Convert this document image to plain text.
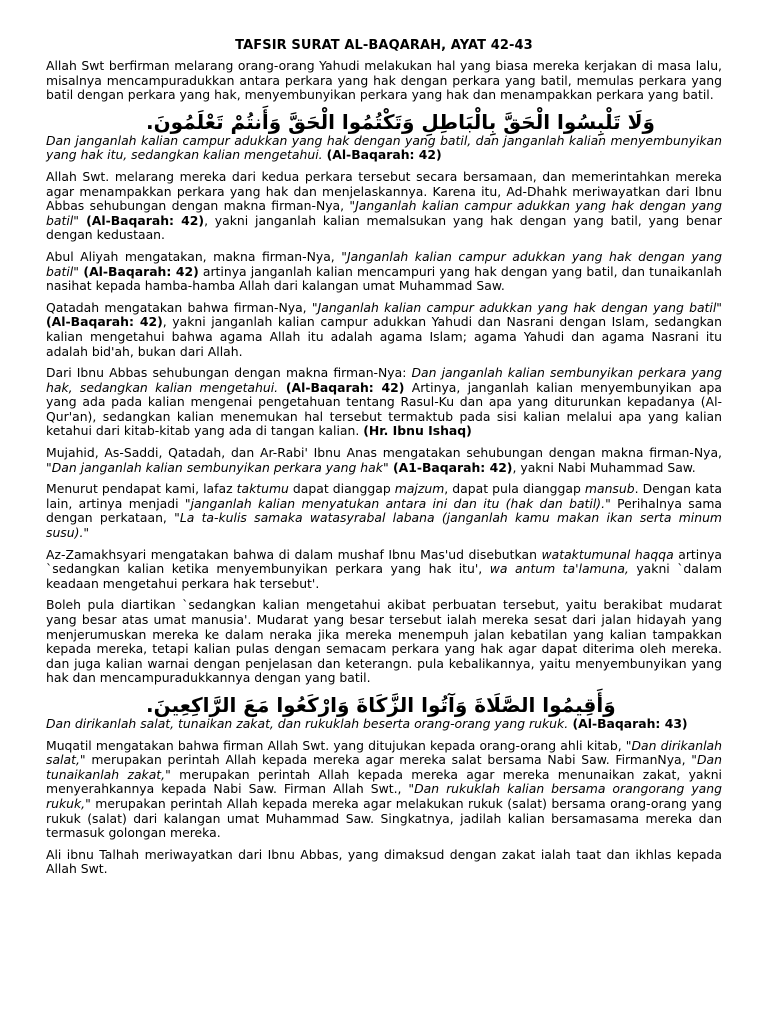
TAFSIR SURAT AL-BAQARAH, AYAT 42-43

Allah Swt berfirman melarang orang-orang Yahudi melakukan hal yang biasa mereka kerjakan di masa lalu, misalnya mencampuradukkan antara perkara yang hak dengan perkara yang batil, memulas perkara yang batil dengan perkara yang hak, menyembunyikan perkara yang hak dan menampakkan perkara yang batil.

وَلَا تَلْبِسُوا الْحَقَّ بِالْبَاطِلِ وَتَكْتُمُوا الْحَقَّ وَأَنتُمْ تَعْلَمُونَ.

Dan janganlah kalian campur adukkan yang hak dengan yang batil, dan janganlah kalian menyembunyikan yang hak itu, sedangkan kalian mengetahui. (Al-Baqarah: 42)

Allah Swt. melarang mereka dari kedua perkara tersebut secara bersamaan, dan memerintahkan mereka agar menampakkan perkara yang hak dan menjelaskannya. Karena itu, Ad-Dhahk meriwayatkan dari Ibnu Abbas sehubungan dengan makna firman-Nya, "Janganlah kalian campur adukkan yang hak dengan yang batil" (Al-Baqarah: 42), yakni janganlah kalian memalsukan yang hak dengan yang batil, yang benar dengan kedustaan.

Abul Aliyah mengatakan, makna firman-Nya, "Janganlah kalian campur adukkan yang hak dengan yang batil" (Al-Baqarah: 42) artinya janganlah kalian mencampuri yang hak dengan yang batil, dan tunaikanlah nasihat kepada hamba-hamba Allah dari kalangan umat Muhammad Saw.

Qatadah mengatakan bahwa firman-Nya, "Janganlah kalian campur adukkan yang hak dengan yang batil" (Al-Baqarah: 42), yakni janganlah kalian campur adukkan Yahudi dan Nasrani dengan Islam, sedangkan kalian mengetahui bahwa agama Allah itu adalah agama Islam; agama Yahudi dan agama Nasrani itu adalah bid'ah, bukan dari Allah.

Dari Ibnu Abbas sehubungan dengan makna firman-Nya: Dan janganlah kalian sembunyikan perkara yang hak, sedangkan kalian mengetahui. (Al-Baqarah: 42) Artinya, janganlah kalian menyembunyikan apa yang ada pada kalian mengenai pengetahuan tentang Rasul-Ku dan apa yang diturunkan kepadanya (Al-Qur'an), sedangkan kalian menemukan hal tersebut termaktub pada sisi kalian melalui apa yang kalian ketahui dari kitab-kitab yang ada di tangan kalian. (Hr. Ibnu Ishaq)

Mujahid, As-Saddi, Qatadah, dan Ar-Rabi' Ibnu Anas mengatakan sehubungan dengan makna firman-Nya, "Dan janganlah kalian sembunyikan perkara yang hak" (A1-Baqarah: 42), yakni Nabi Muhammad Saw.

Menurut pendapat kami, lafaz taktumu dapat dianggap majzum, dapat pula dianggap mansub. Dengan kata lain, artinya menjadi "janganlah kalian menyatukan antara ini dan itu (hak dan batil)." Perihalnya sama dengan perkataan, "La ta-kulis samaka watasyrabal labana (janganlah kamu makan ikan serta minum susu)."

Az-Zamakhsyari mengatakan bahwa di dalam mushaf Ibnu Mas'ud disebutkan wataktumunal haqqa artinya `sedangkan kalian ketika menyembunyikan perkara yang hak itu', wa antum ta'lamuna, yakni `dalam keadaan mengetahui perkara hak tersebut'.

Boleh pula diartikan `sedangkan kalian mengetahui akibat perbuatan tersebut, yaitu berakibat mudarat yang besar atas umat manusia'. Mudarat yang besar tersebut ialah mereka sesat dari jalan hidayah yang menjerumuskan mereka ke dalam neraka jika mereka menempuh jalan kebatilan yang kalian tampakkan kepada mereka, tetapi kalian pulas dengan semacam perkara yang hak agar dapat diterima oleh mereka. dan juga kalian warnai dengan penjelasan dan keterangn. pula kebalikannya, yaitu menyembunyikan yang hak dan mencampuradukkannya dengan yang batil.

وَأَقِيمُوا الصَّلَاةَ وَآتُوا الزَّكَاةَ وَارْكَعُوا مَعَ الرَّاكِعِينَ.

Dan dirikanlah salat, tunaikan zakat, dan rukuklah beserta orang-orang yang rukuk. (Al-Baqarah: 43)

Muqatil mengatakan bahwa firman Allah Swt. yang ditujukan kepada orang-orang ahli kitab, "Dan dirikanlah salat," merupakan perintah Allah kepada mereka agar mereka salat bersama Nabi Saw. FirmanNya, "Dan tunaikanlah zakat," merupakan perintah Allah kepada mereka agar mereka menunaikan zakat, yakni menyerahkannya kepada Nabi Saw. Firman Allah Swt., "Dan rukuklah kalian bersama orangorang yang rukuk," merupakan perintah Allah kepada mereka agar melakukan rukuk (salat) bersama orang-orang yang rukuk (salat) dari kalangan umat Muhammad Saw. Singkatnya, jadilah kalian bersamasama mereka dan termasuk golongan mereka.

Ali ibnu Talhah meriwayatkan dari Ibnu Abbas, yang dimaksud dengan zakat ialah taat dan ikhlas kepada Allah Swt.
